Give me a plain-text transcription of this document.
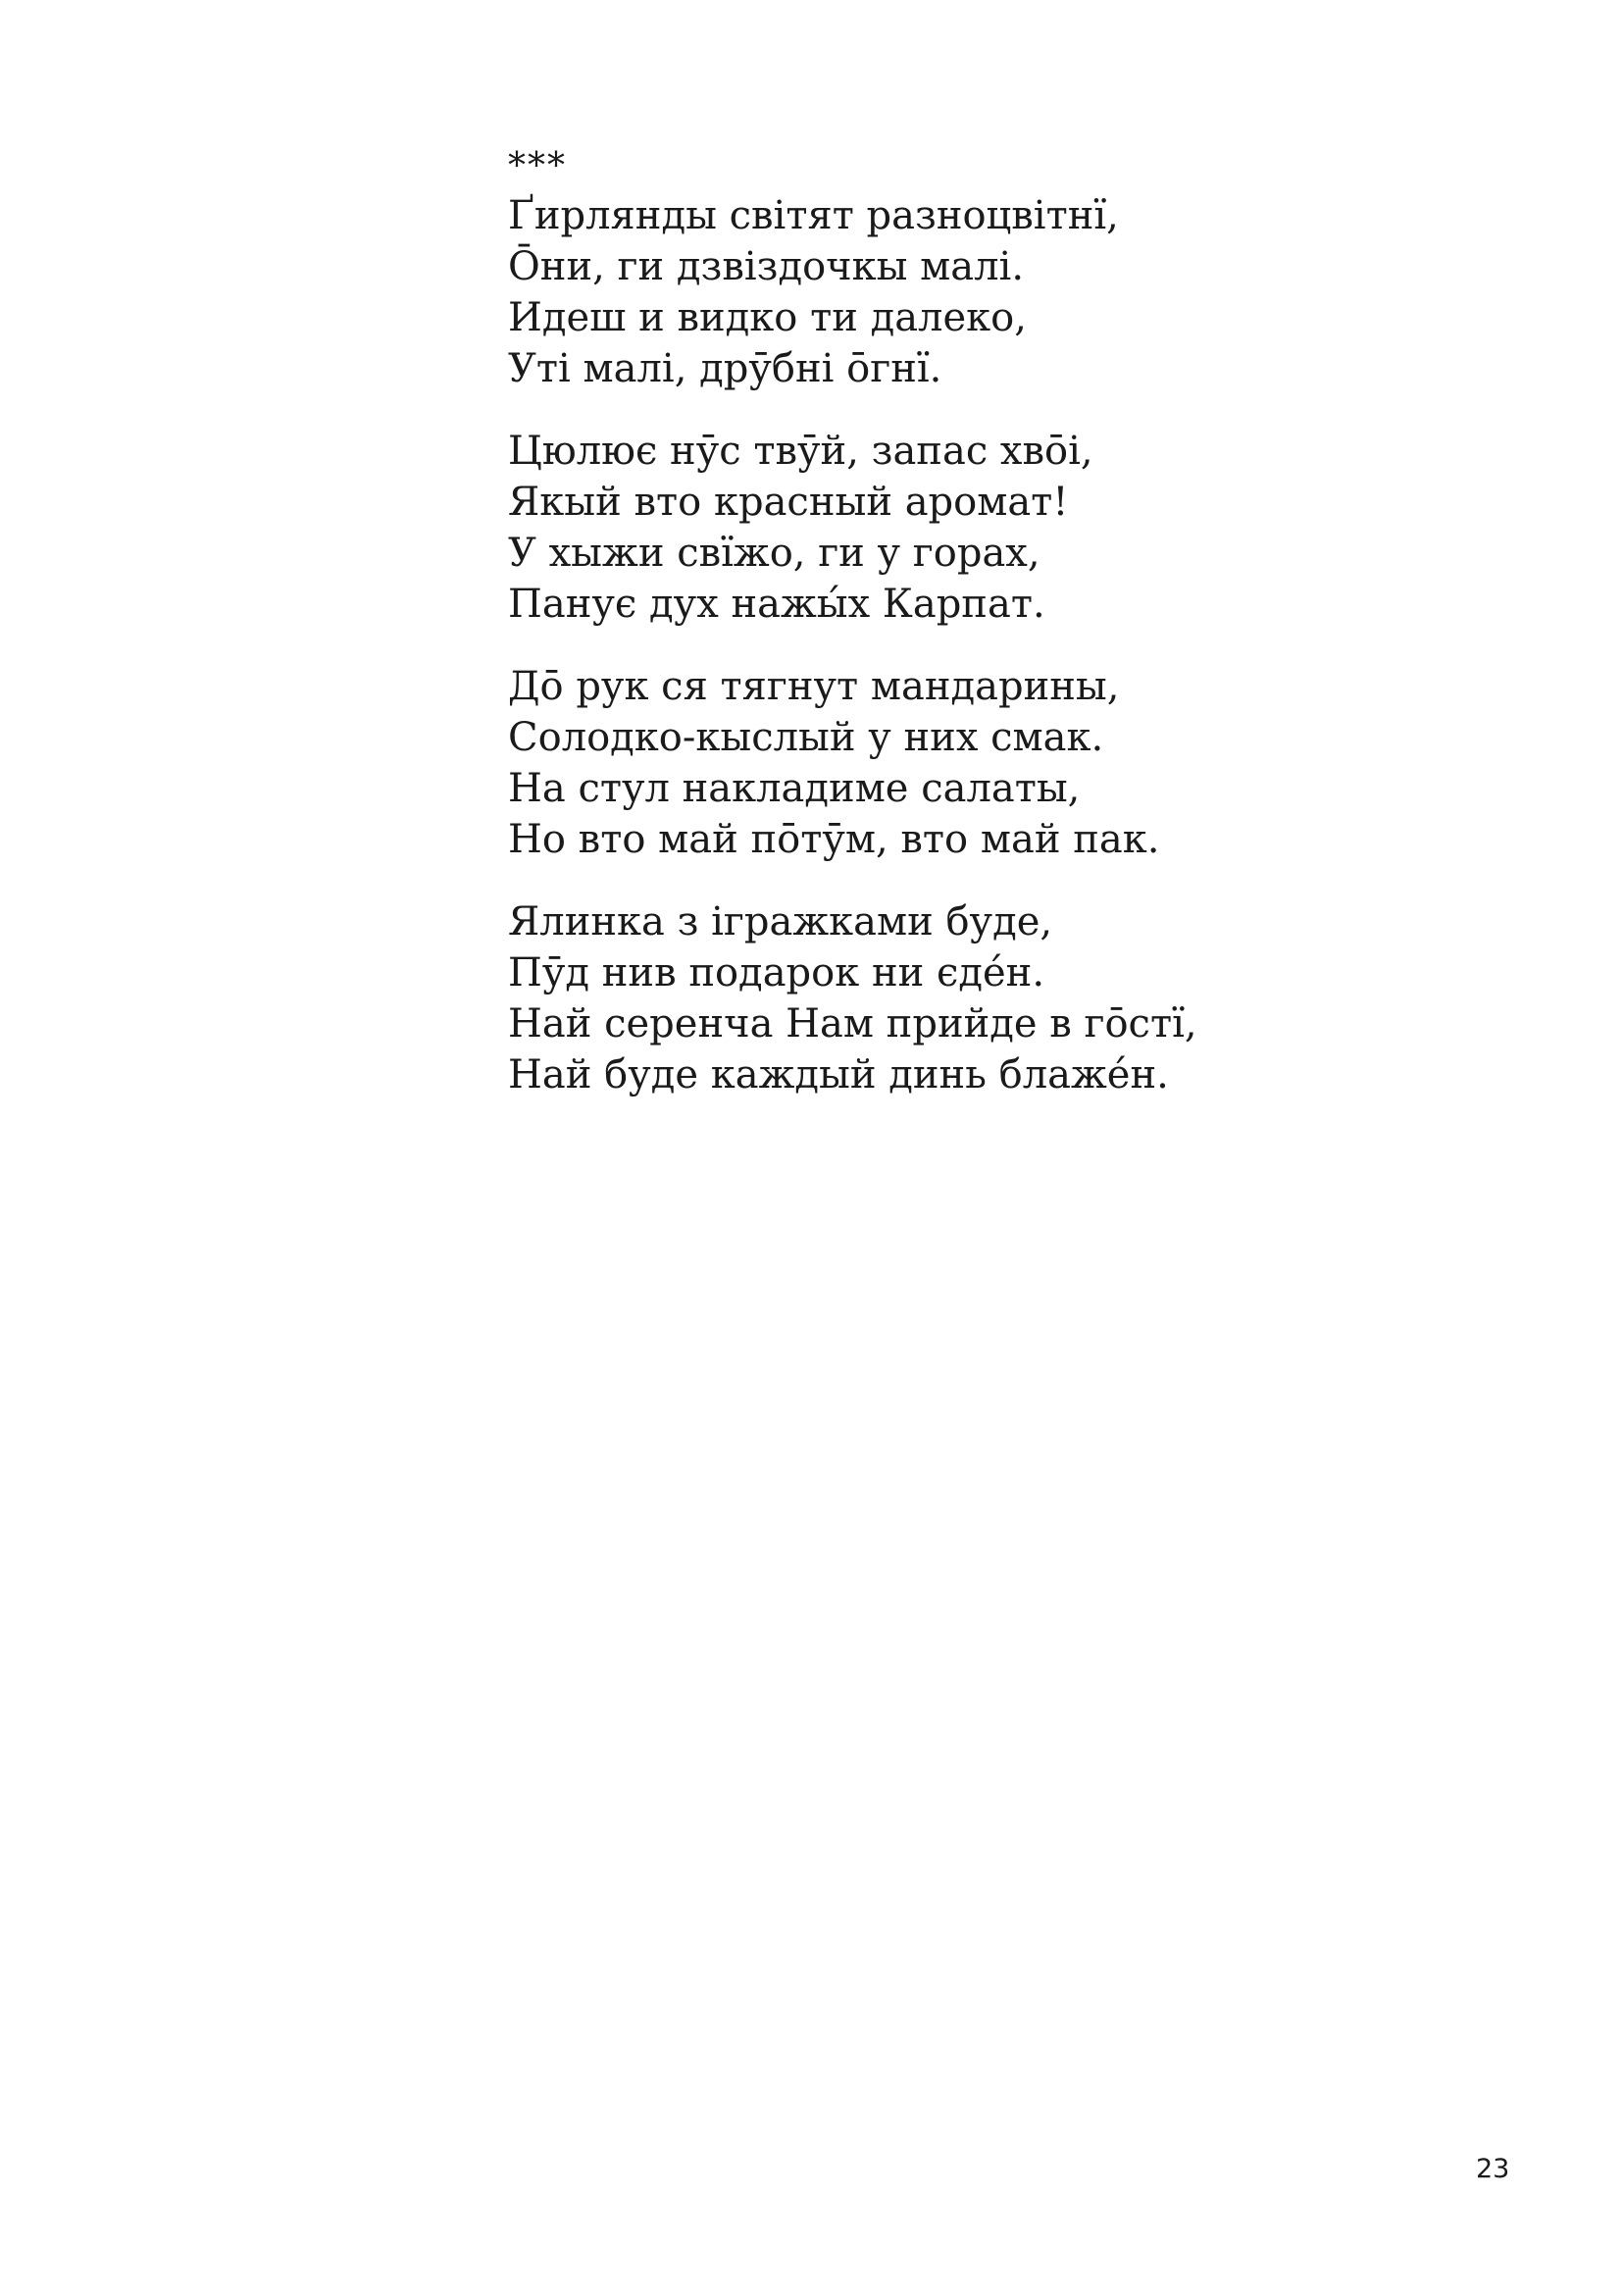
***
Ґирлянды світят разноцвітнї,
Ōни, ги дзвіздочкы малі.
Идеш и видко ти далеко,
Уті малі, дрӯбні ōгнї.
Цюлює нӯс твӯй, запас хвōі,
Якый вто красный аромат!
У хыжи свїжо, ги у горах,
Панує дух нажы́х Карпат.
Дō рук ся тягнут мандарины,
Солодко-кыслый у них смак.
На стул накладиме салаты,
Но вто май пōтӯм, вто май пак.
Ялинка з ігражками буде,
Пӯд нив подарок ни єде́н.
Най серенча Нам прийде в гōстї,
Най буде каждый динь блаже́н.
23
